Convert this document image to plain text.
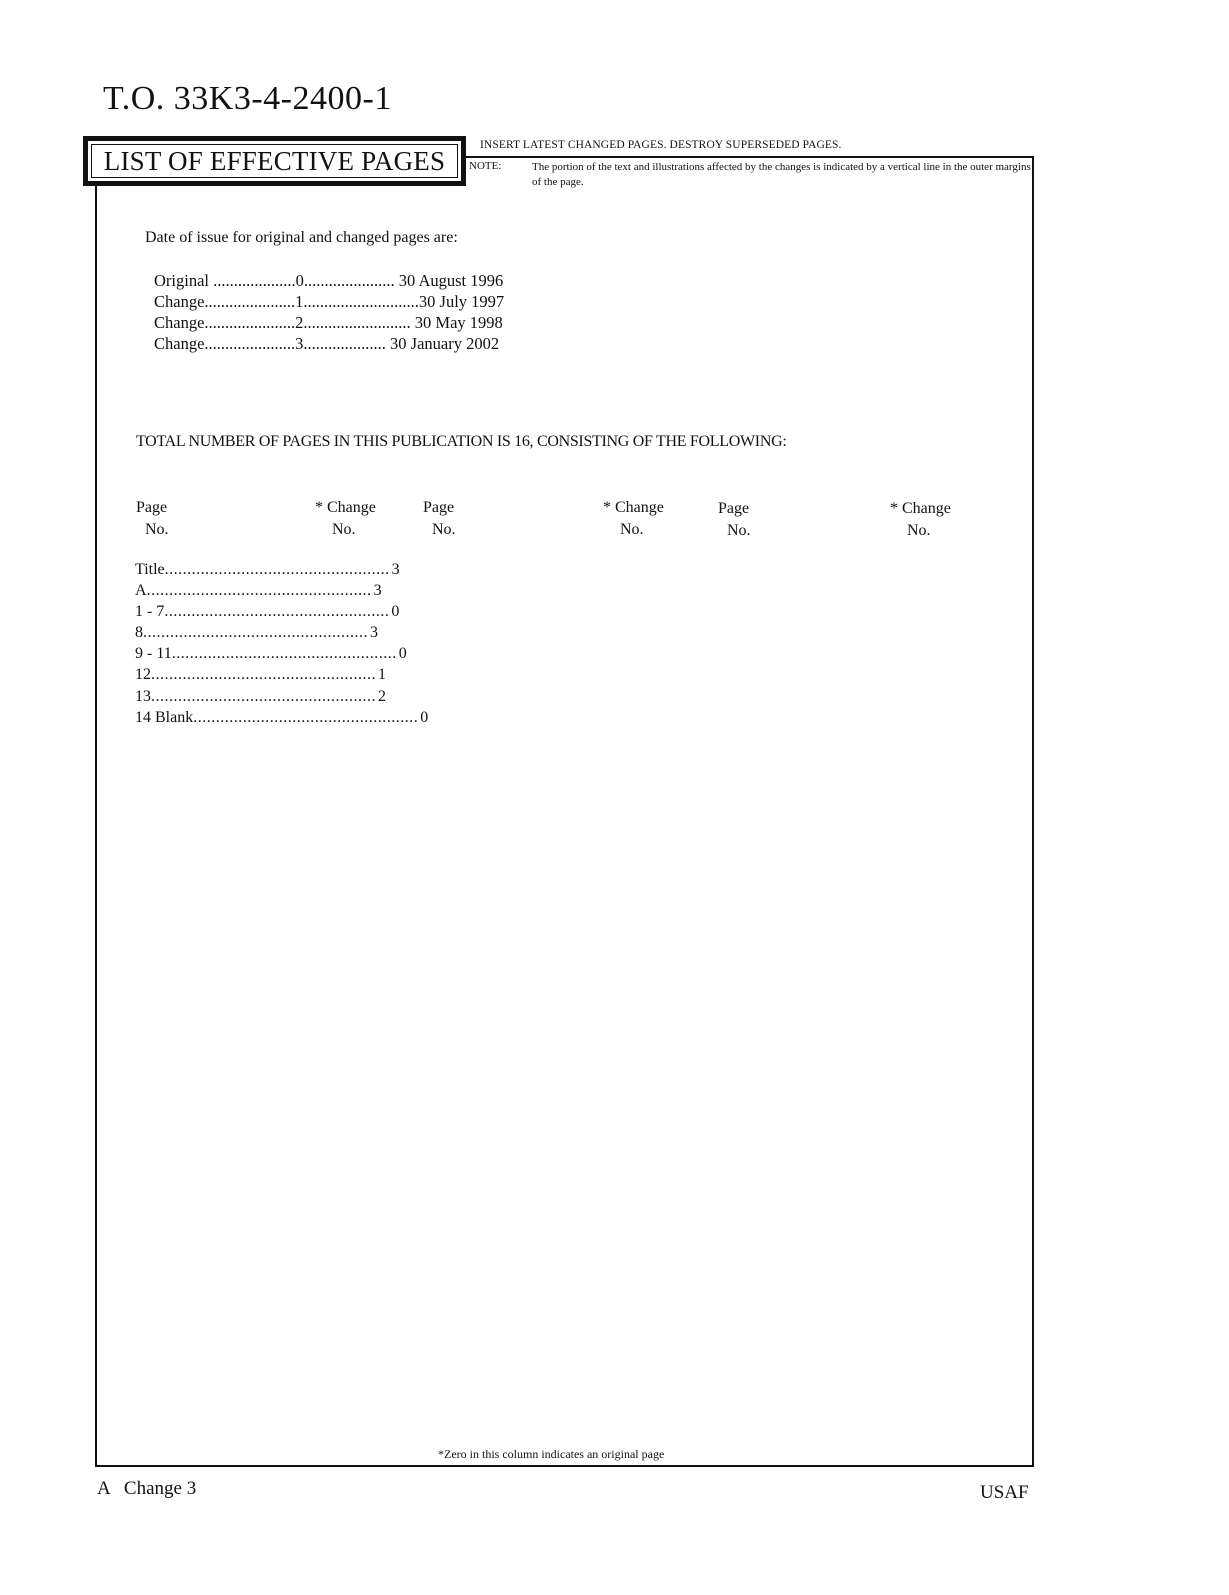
T.O. 33K3-4-2400-1
LIST OF EFFECTIVE PAGES
INSERT LATEST CHANGED PAGES. DESTROY SUPERSEDED PAGES.
NOTE:	The portion of the text and illustrations affected by the changes is indicated by a vertical line in the outer margins of the page.
Date of issue for original and changed pages are:
Original ....................0...................... 30 August 1996
Change......................1............................30 July 1997
Change......................2.......................... 30 May 1998
Change......................3.................... 30 January 2002
TOTAL NUMBER OF PAGES IN THIS PUBLICATION IS 16, CONSISTING OF THE FOLLOWING:
Page
No.
* Change
No.
Page
No.
* Change
No.
Page
No.
* Change
No.
Title .................................................. 3
A .................................................. 3
1 - 7 .................................................. 0
8 .................................................. 3
9 - 11 .................................................. 0
12 .................................................. 1
13 .................................................. 2
14 Blank .................................................. 0
*Zero in this column indicates an original page
A   Change 3	USAF
